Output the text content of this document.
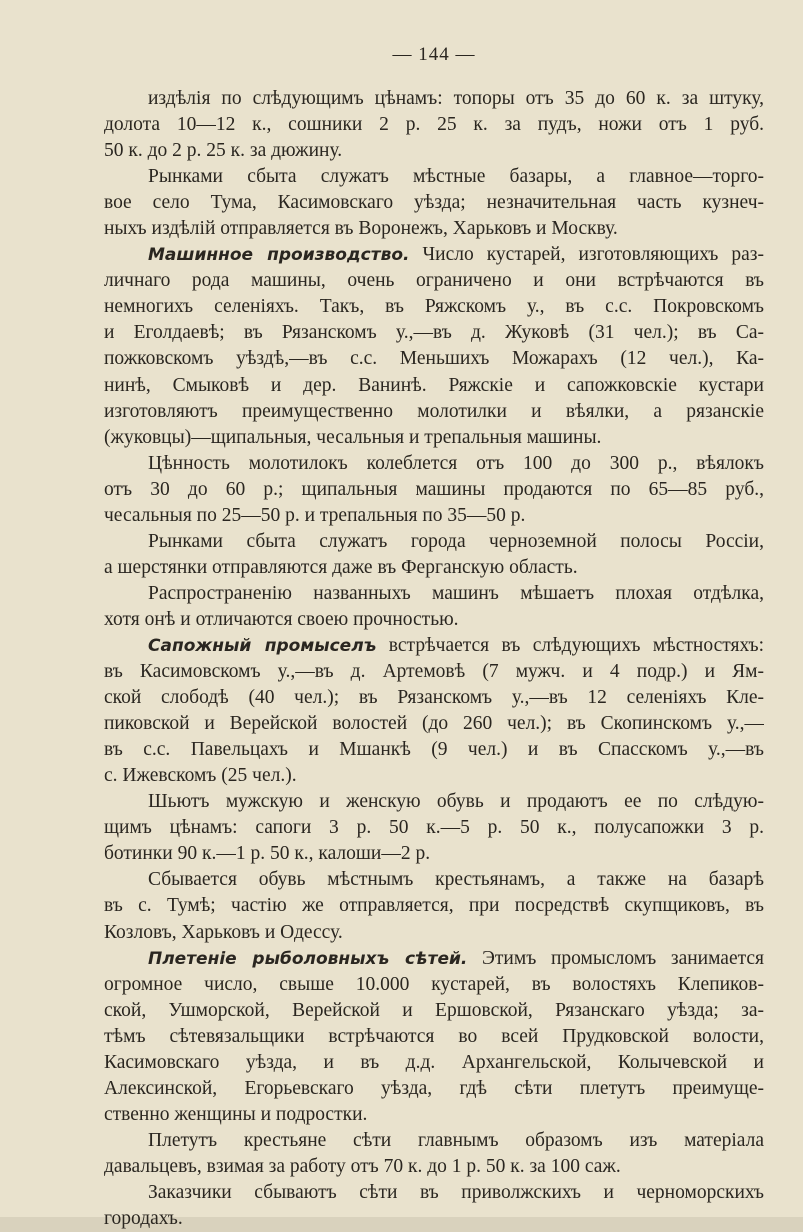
— 144 —
издѣлія по слѣдующимъ цѣнамъ: топоры отъ 35 до 60 к. за штуку,
долота 10—12 к., сошники 2 р. 25 к. за пудъ, ножи отъ 1 руб.
50 к. до 2 р. 25 к. за дюжину.
Рынками сбыта служатъ мѣстные базары, а главное—торго-
вое село Тума, Касимовскаго уѣзда; незначительная часть кузнеч-
ныхъ издѣлій отправляется въ Воронежъ, Харьковъ и Москву.
Машинное производство. Число кустарей, изготовляющихъ раз-
личнаго рода машины, очень ограничено и они встрѣчаются въ
немногихъ селеніяхъ. Такъ, въ Ряжскомъ у., въ с.с. Покровскомъ
и Еголдаевѣ; въ Рязанскомъ у.,—въ д. Жуковѣ (31 чел.); въ Са-
пожковскомъ уѣздѣ,—въ с.с. Меньшихъ Можарахъ (12 чел.), Ка-
нинѣ, Смыковѣ и дер. Ванинѣ. Ряжскіе и сапожковскіе кустари
изготовляютъ преимущественно молотилки и вѣялки, а рязанскіе
(жуковцы)—щипальныя, чесальныя и трепальныя машины.
Цѣнность молотилокъ колеблется отъ 100 до 300 р., вѣялокъ
отъ 30 до 60 р.; щипальныя машины продаются по 65—85 руб.,
чесальныя по 25—50 р. и трепальныя по 35—50 р.
Рынками сбыта служатъ города черноземной полосы Россіи,
а шерстянки отправляются даже въ Ферганскую область.
Распространенію названныхъ машинъ мѣшаетъ плохая отдѣлка,
хотя онѣ и отличаются своею прочностью.
Сапожный промыселъ встрѣчается въ слѣдующихъ мѣстностяхъ:
въ Касимовскомъ у.,—въ д. Артемовѣ (7 мужч. и 4 подр.) и Ям-
ской слободѣ (40 чел.); въ Рязанскомъ у.,—въ 12 селеніяхъ Кле-
пиковской и Верейской волостей (до 260 чел.); въ Скопинскомъ у.,—
въ с.с. Павельцахъ и Мшанкѣ (9 чел.) и въ Спасскомъ у.,—въ
с. Ижевскомъ (25 чел.).
Шьютъ мужскую и женскую обувь и продаютъ ее по слѣдую-
щимъ цѣнамъ: сапоги 3 р. 50 к.—5 р. 50 к., полусапожки 3 р.
ботинки 90 к.—1 р. 50 к., калоши—2 р.
Сбывается обувь мѣстнымъ крестьянамъ, а также на базарѣ
въ с. Тумѣ; частію же отправляется, при посредствѣ скупщиковъ, въ
Козловъ, Харьковъ и Одессу.
Плетеніе рыболовныхъ сѣтей. Этимъ промысломъ занимается
огромное число, свыше 10.000 кустарей, въ волостяхъ Клепиков-
ской, Ушморской, Верейской и Ершовской, Рязанскаго уѣзда; за-
тѣмъ сѣтевязальщики встрѣчаются во всей Прудковской волости,
Касимовскаго уѣзда, и въ д.д. Архангельской, Колычевской и
Алексинской, Егорьевскаго уѣзда, гдѣ сѣти плетутъ преимуще-
ственно женщины и подростки.
Плетутъ крестьяне сѣти главнымъ образомъ изъ матеріала
давальцевъ, взимая за работу отъ 70 к. до 1 р. 50 к. за 100 саж.
Заказчики сбываютъ сѣти въ приволжскихъ и черноморскихъ
городахъ.
